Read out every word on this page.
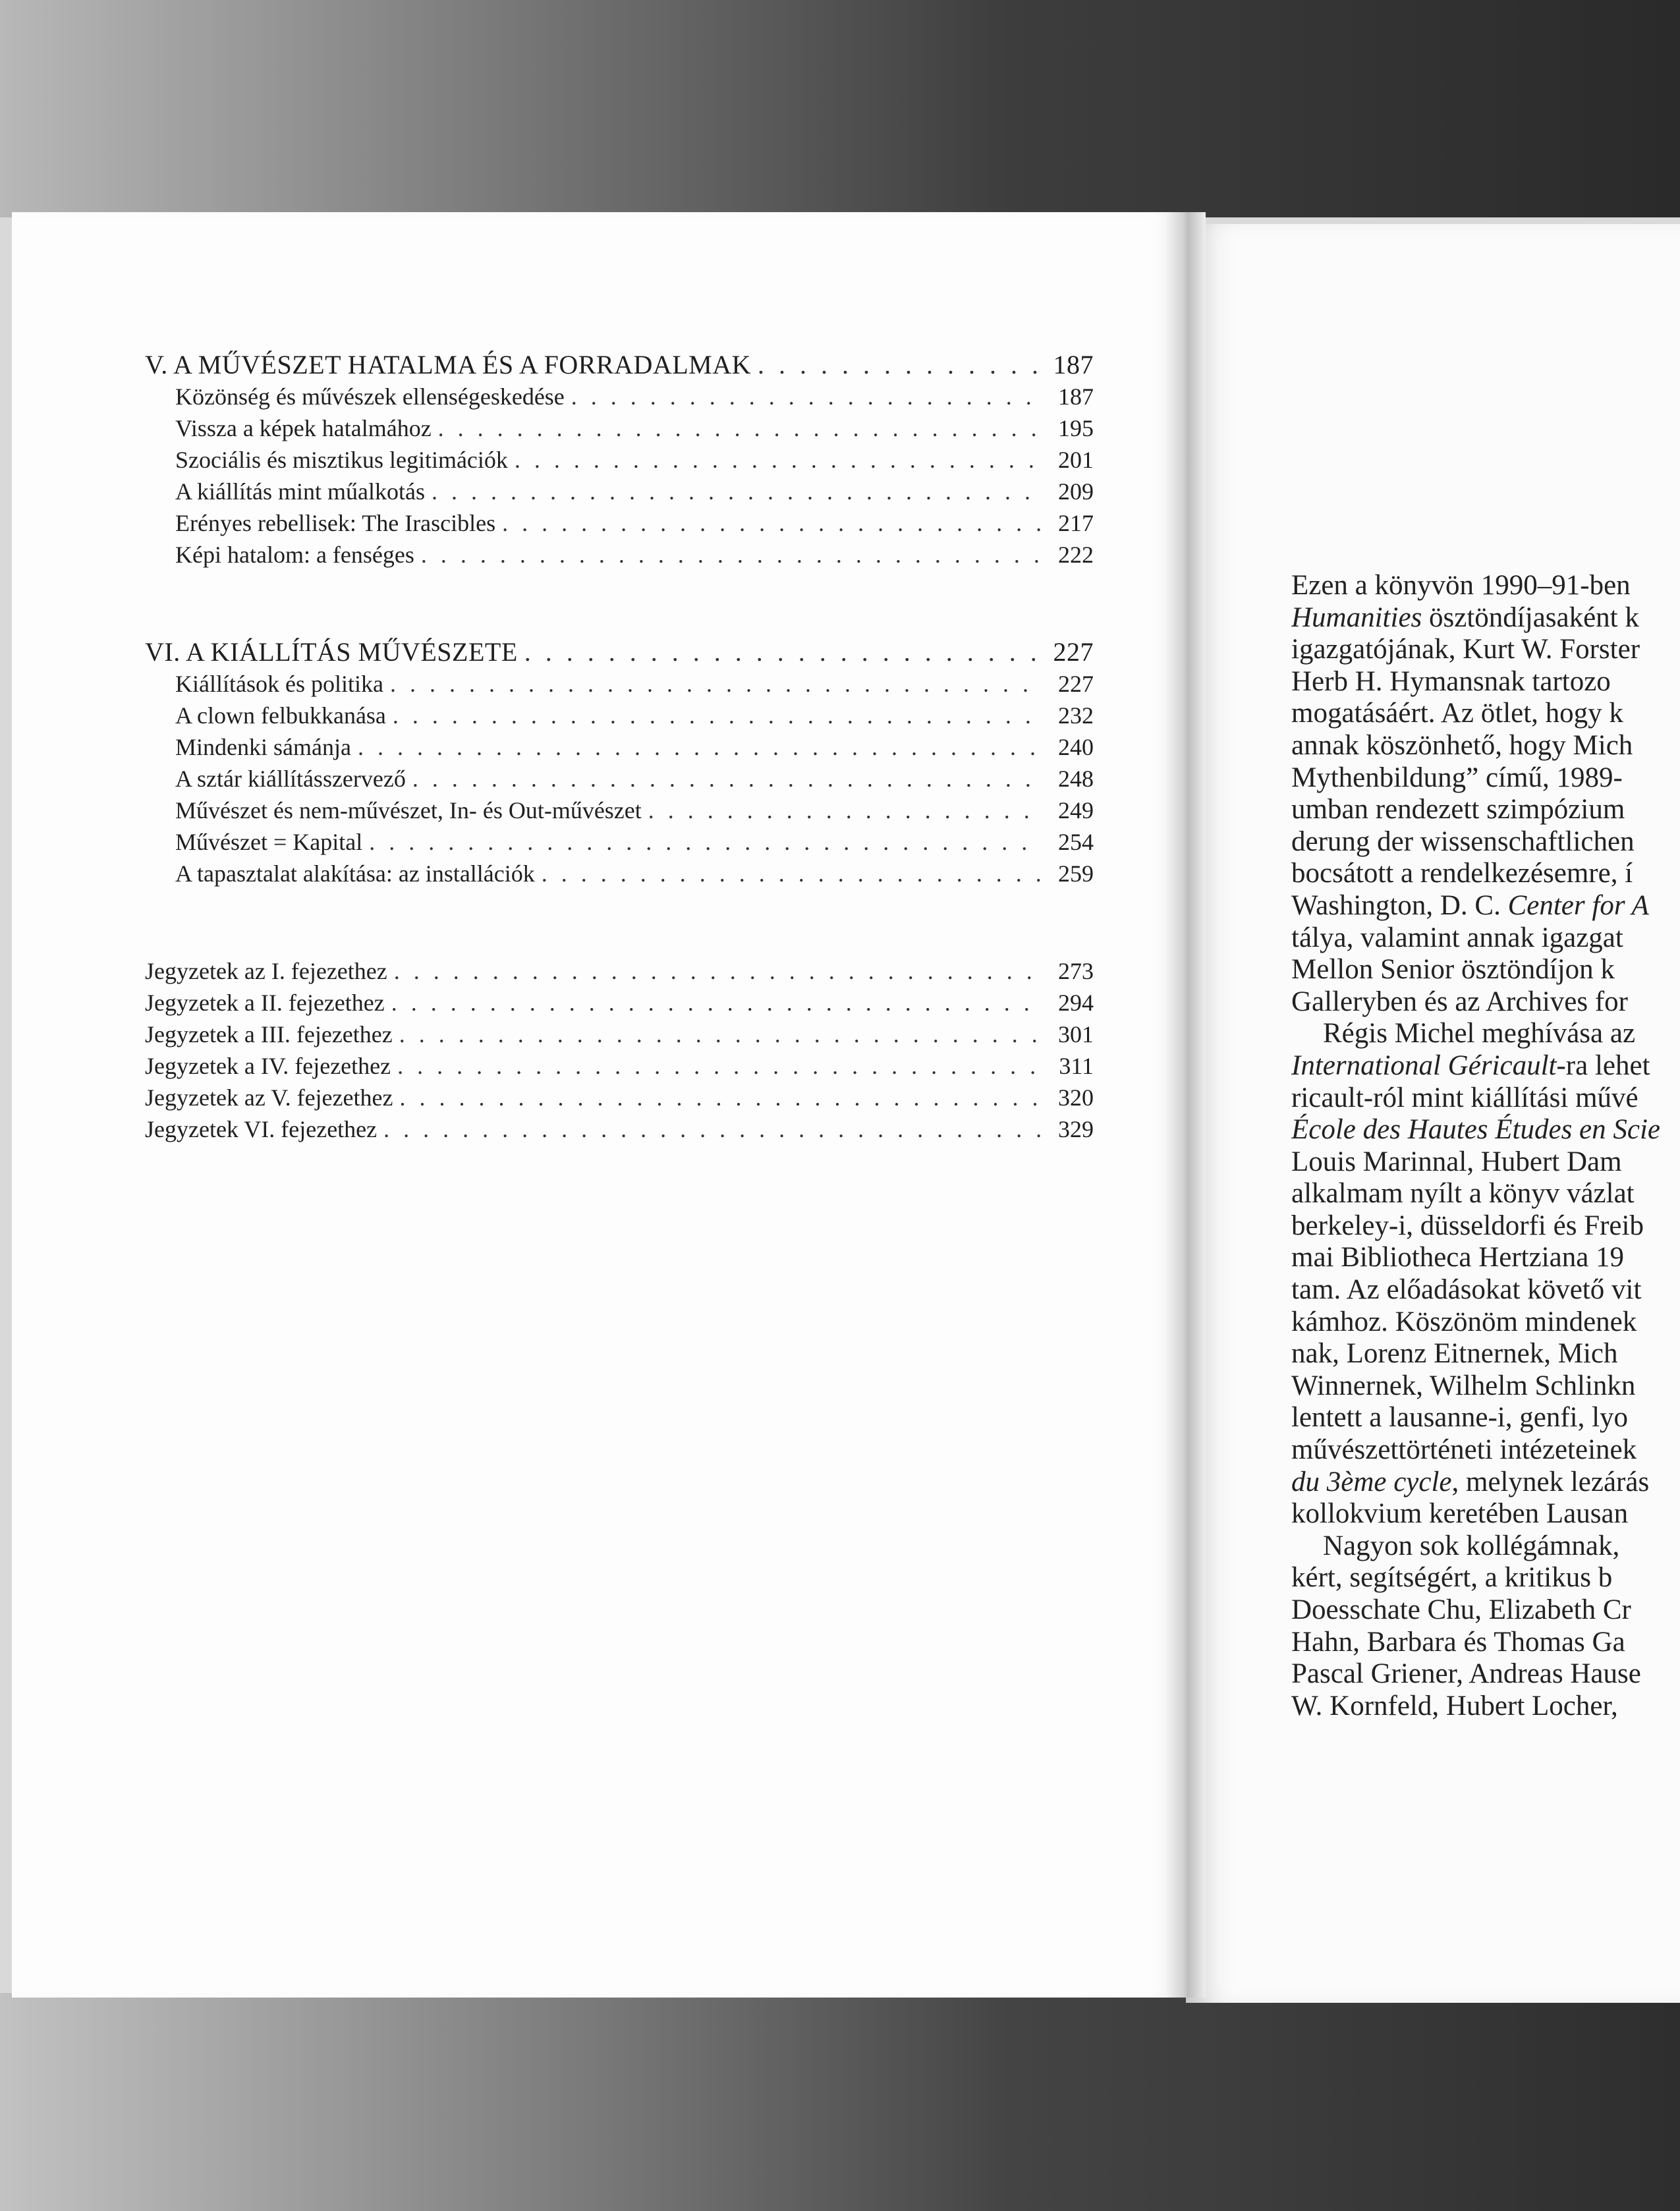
V. A MŰVÉSZET HATALMA ÉS A FORRADALMAK . . .	187
Közönség és művészek ellenségeskedése . . .	187
Vissza a képek hatalmához . . .	195
Szociális és misztikus legitimációk . . .	201
A kiállítás mint műalkotás . . .	209
Erényes rebellisek: The Irascibles . . .	217
Képi hatalom: a fenséges . . .	222
VI. A KIÁLLÍTÁS MŰVÉSZETE . . .	227
Kiállítások és politika . . .	227
A clown felbukkanása . . .	232
Mindenki sámánja . . .	240
A sztár kiállításszervező . . .	248
Művészet és nem-művészet, In- és Out-művészet . . .	249
Művészet = Kapital . . .	254
A tapasztalat alakítása: az installációk . . .	259
Jegyzetek az I. fejezethez . . .	273
Jegyzetek a II. fejezethez . . .	294
Jegyzetek a III. fejezethez . . .	301
Jegyzetek a IV. fejezethez . . .	311
Jegyzetek az V. fejezethez . . .	320
Jegyzetek VI. fejezethez . . .	329
Ezen a könyvön 1990–91-ben
Humanities ösztöndíjasaként k
igazgatójának, Kurt W. Forster
Herb H. Hymansnak tartozo
mogatásáért. Az ötlet, hogy k
annak köszönhető, hogy Mich
Mythenbildung” című, 1989-
umban rendezett szimpózium
derung der wissenschaftlichen
bocsátott a rendelkezésemre, í
Washington, D. C. Center for A
tálya, valamint annak igazgat
Mellon Senior ösztöndíjon k
Galleryben és az Archives for
Régis Michel meghívása az
International Géricault-ra lehet
ricault-ról mint kiállítási művé
École des Hautes Études en Scie
Louis Marinnal, Hubert Dam
alkalmam nyílt a könyv vázlat
berkeley-i, düsseldorfi és Freib
mai Bibliotheca Hertziana 19
tam. Az előadásokat követő vit
kámhoz. Köszönöm mindenek
nak, Lorenz Eitnernek, Mich
Winnernek, Wilhelm Schlinkn
lentett a lausanne-i, genfi, lyo
művészettörténeti intézeteinek
du 3ème cycle, melynek lezárás
kollokvium keretében Lausan
Nagyon sok kollégámnak,
kért, segítségért, a kritikus b
Doesschate Chu, Elizabeth Cr
Hahn, Barbara és Thomas Ga
Pascal Griener, Andreas Hause
W. Kornfeld, Hubert Locher,
